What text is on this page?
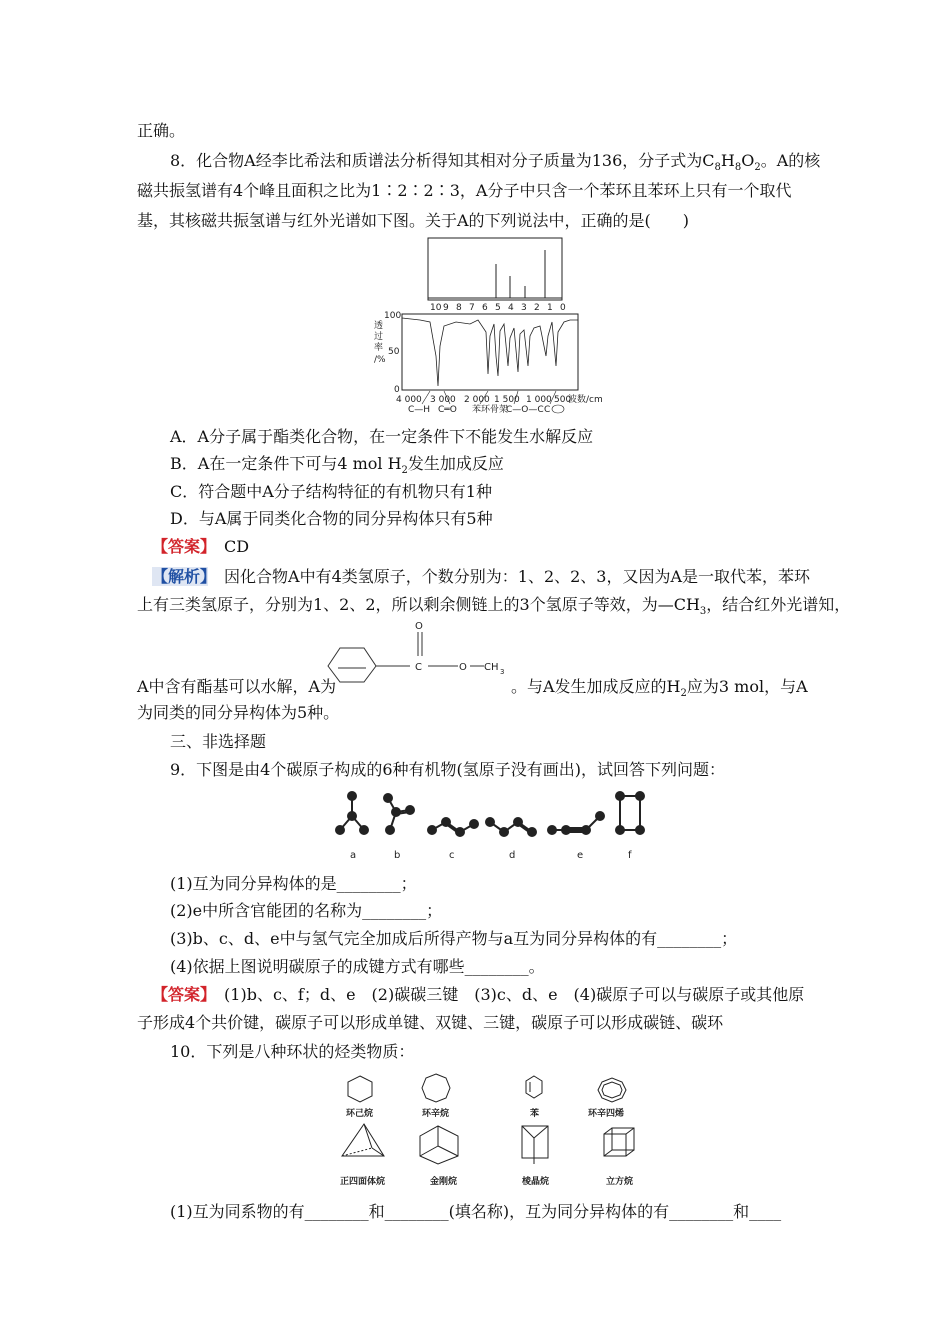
正确。
8．化合物A经李比希法和质谱法分析得知其相对分子质量为136，分子式为$C_8H_8O_2$。A的核
磁共振氢谱有4个峰且面积之比为1∶2∶2∶3，A分子中只含一个苯环且苯环上只有一个取代
基，其核磁共振氢谱与红外光谱如下图。关于A的下列说法中，正确的是(　　)
10 9 8 7 6 5 4 3 2 1 0
透
过
率
/%
100
50
0
4 000 3 000 2 000 1 500 1 000 500
波数/cm
C—H C═O 苯环骨架
C—O—C C
A．A分子属于酯类化合物，在一定条件下不能发生水解反应
B．A在一定条件下可与4 mol $H_2$发生加成反应
C．符合题中A分子结构特征的有机物只有1种
D．与A属于同类化合物的同分异构体只有5种
【答案】　 CD
【解析】　 因化合物A中有4类氢原子，个数分别为：1、2、2、3，又因为A是一取代苯，苯环
上有三类氢原子，分别为1、2、2，所以剩余侧链上的3个氢原子等效，为$—CH_3$，结合红外光谱知，
O
C	O CH 3
A中含有酯基可以水解，A为	。与A发生加成反应的$H_2$应为3 mol，与A
为同类的同分异构体为5种。
三、非选择题
9．下图是由4个碳原子构成的6种有机物(氢原子没有画出)，试回答下列问题：
a	b	c	d	e	f
(1)互为同分异构体的是________；
(2)e中所含官能团的名称为________；
(3)b、c、d、e中与氢气完全加成后所得产物与a互为同分异构体的有________；
(4)依据上图说明碳原子的成键方式有哪些________。
【答案】　 (1)b、c、f；d、e　(2)碳碳三键　(3)c、d、e　(4)碳原子可以与碳原子或其他原
子形成4个共价键，碳原子可以形成单键、双键、三键，碳原子可以形成碳链、碳环
10．下列是八种环状的烃类物质：
环己烷	环辛烷	苯	环辛四烯
正四面体烷	金刚烷	棱晶烷	立方烷
(1)互为同系物的有________和________(填名称)，互为同分异构体的有________和____
